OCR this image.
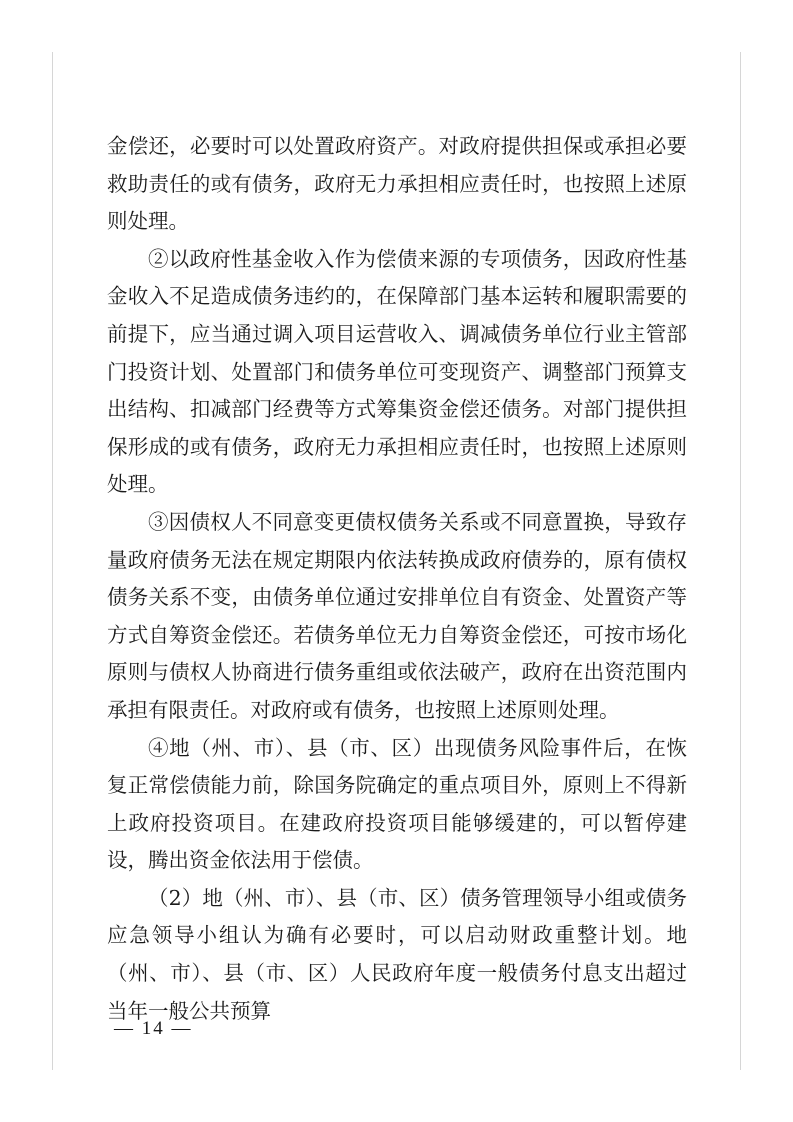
金偿还，必要时可以处置政府资产。对政府提供担保或承担必要救助责任的或有债务，政府无力承担相应责任时，也按照上述原则处理。

②以政府性基金收入作为偿债来源的专项债务，因政府性基金收入不足造成债务违约的，在保障部门基本运转和履职需要的前提下，应当通过调入项目运营收入、调减债务单位行业主管部门投资计划、处置部门和债务单位可变现资产、调整部门预算支出结构、扣减部门经费等方式筹集资金偿还债务。对部门提供担保形成的或有债务，政府无力承担相应责任时，也按照上述原则处理。

③因债权人不同意变更债权债务关系或不同意置换，导致存量政府债务无法在规定期限内依法转换成政府债券的，原有债权债务关系不变，由债务单位通过安排单位自有资金、处置资产等方式自筹资金偿还。若债务单位无力自筹资金偿还，可按市场化原则与债权人协商进行债务重组或依法破产，政府在出资范围内承担有限责任。对政府或有债务，也按照上述原则处理。

④地（州、市）、县（市、区）出现债务风险事件后，在恢复正常偿债能力前，除国务院确定的重点项目外，原则上不得新上政府投资项目。在建政府投资项目能够缓建的，可以暂停建设，腾出资金依法用于偿债。

（2）地（州、市）、县（市、区）债务管理领导小组或债务应急领导小组认为确有必要时，可以启动财政重整计划。地（州、市）、县（市、区）人民政府年度一般债务付息支出超过当年一般公共预算

— 14 —
